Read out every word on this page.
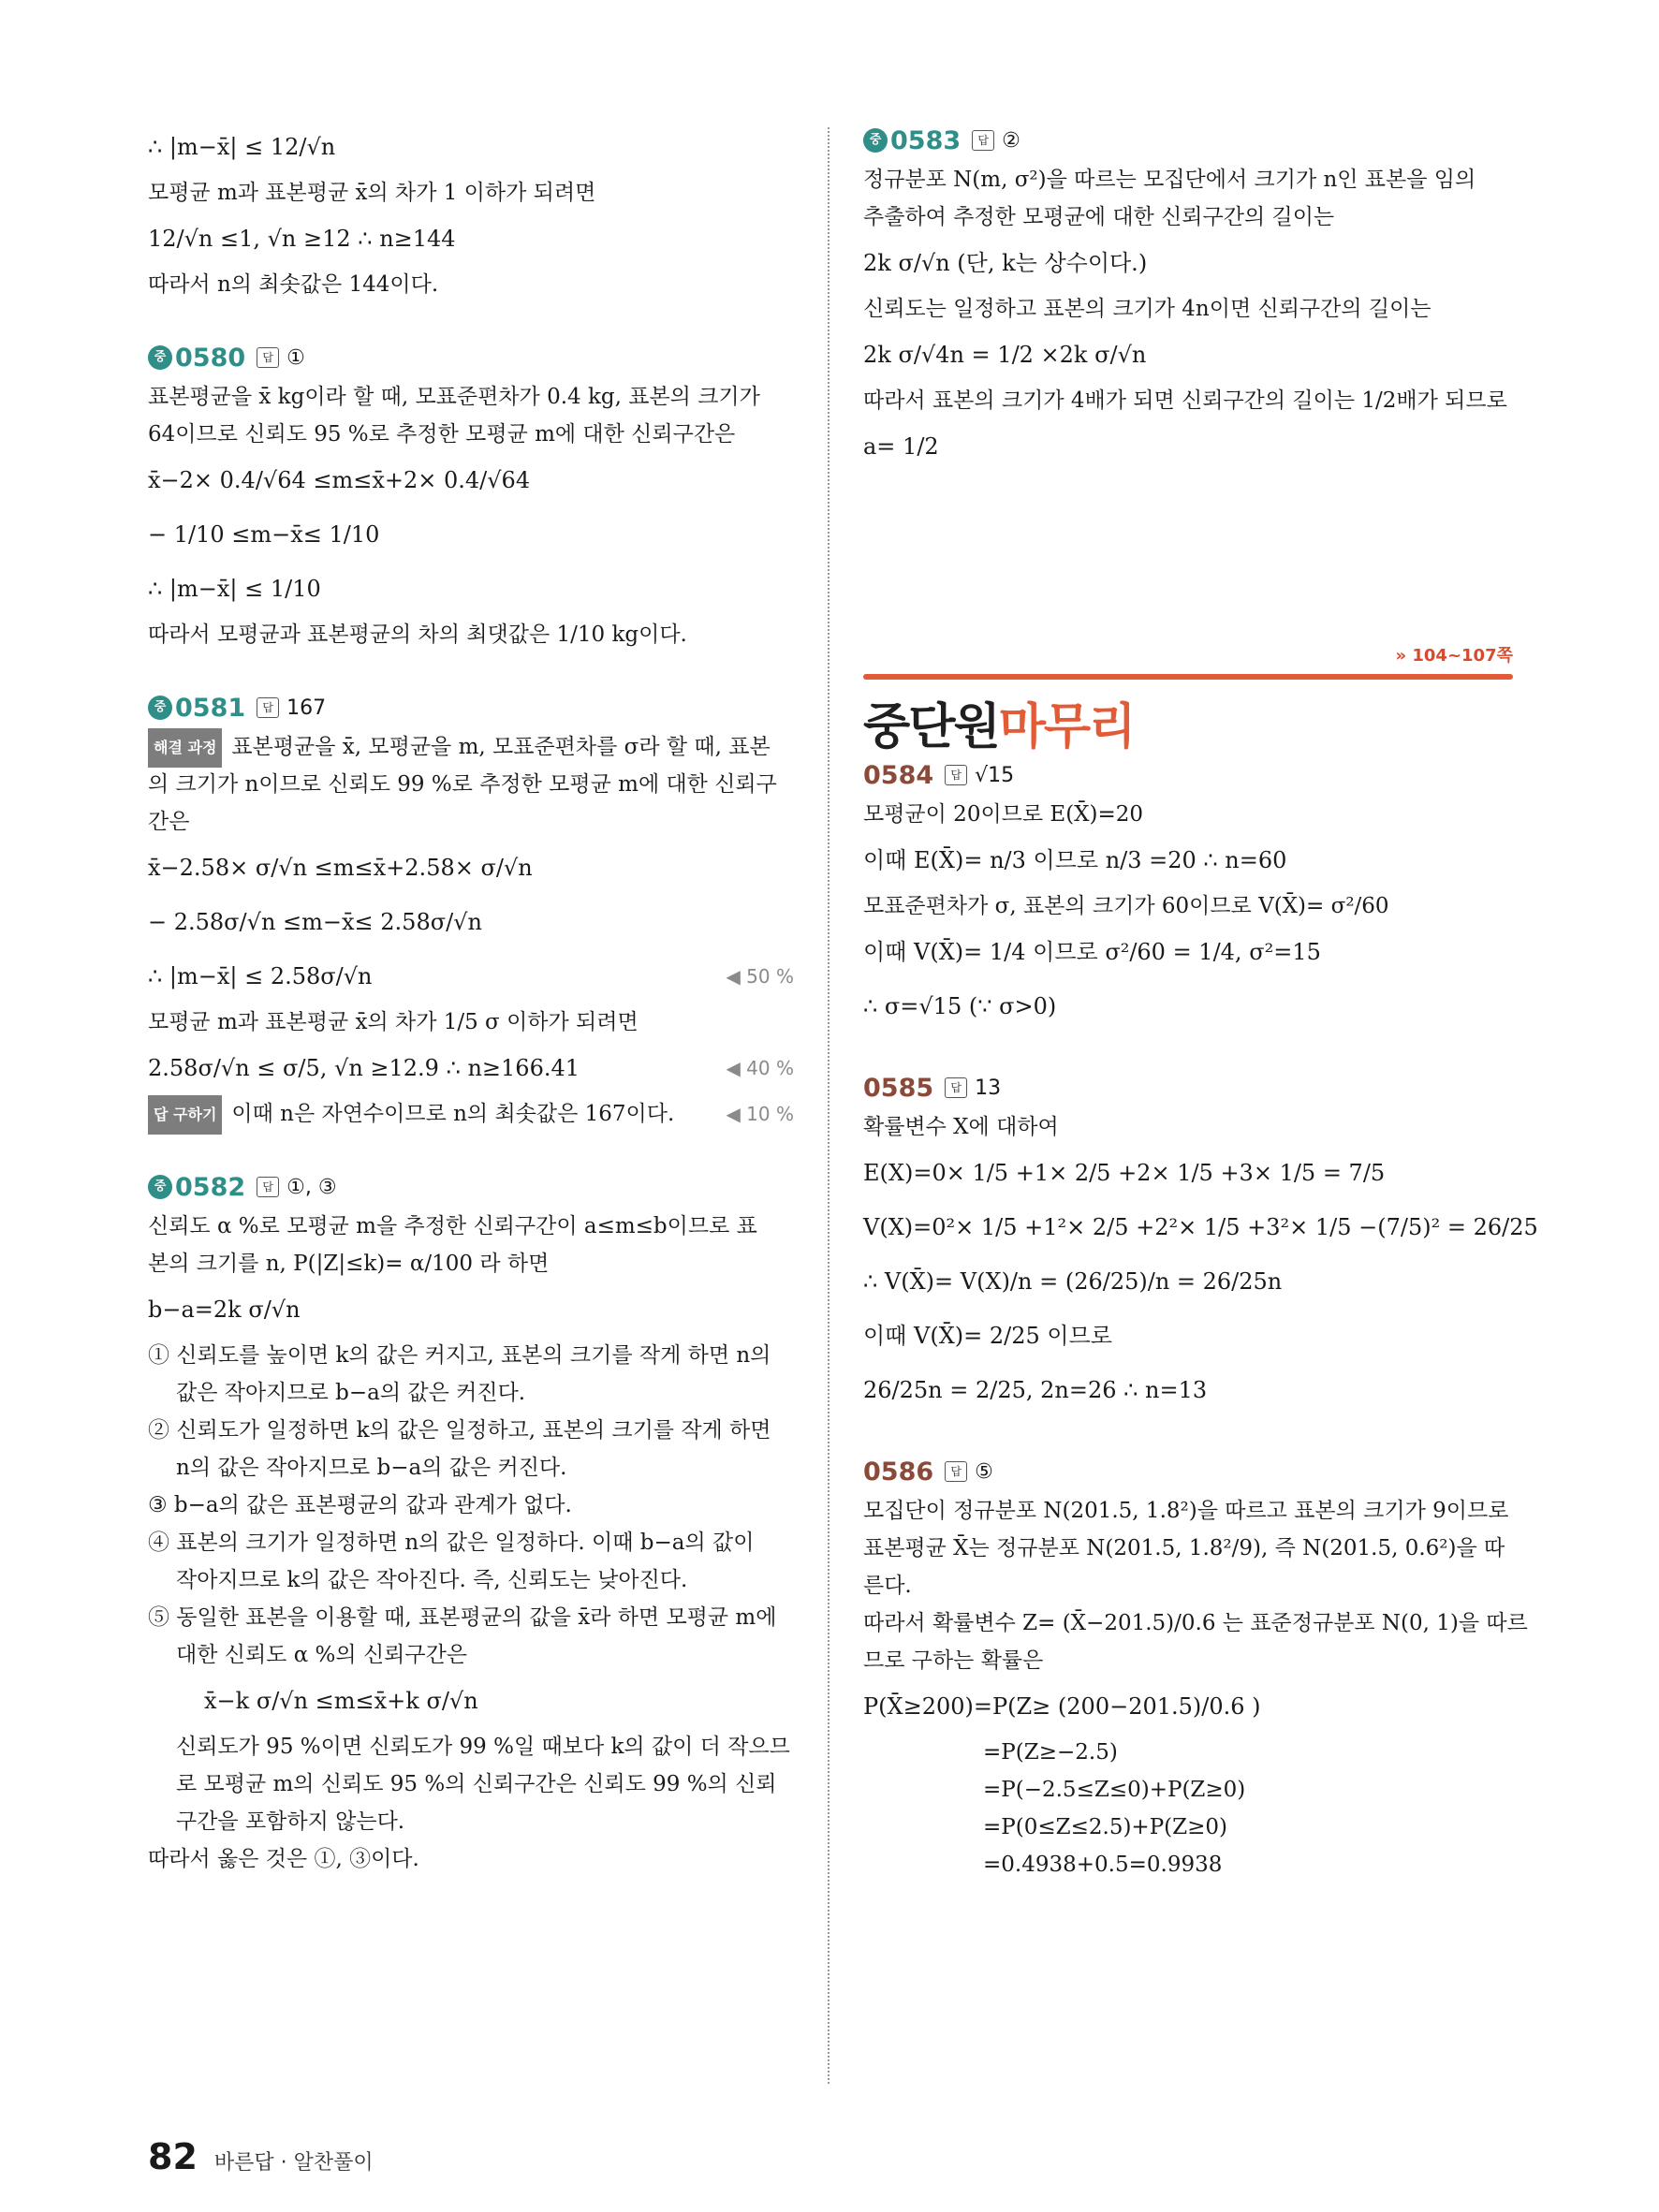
∴ |m−x̄| ≤ 12/√n
모평균 m과 표본평균 x̄의 차가 1 이하가 되려면
12/√n ≤1, √n ≥12 ∴ n≥144
따라서 n의 최솟값은 144이다.
중 0580	답 ①
표본평균을 x̄ kg이라 할 때, 모표준편차가 0.4 kg, 표본의 크기가
64이므로 신뢰도 95 %로 추정한 모평균 m에 대한 신뢰구간은
x̄−2× 0.4/√64 ≤m≤x̄+2× 0.4/√64
− 1/10 ≤m−x̄≤ 1/10
∴ |m−x̄| ≤ 1/10
따라서 모평균과 표본평균의 차의 최댓값은 1/10 kg이다.
중 0581	답 167
해결 과정 표본평균을 x̄, 모평균을 m, 모표준편차를 σ라 할 때, 표본
의 크기가 n이므로 신뢰도 99 %로 추정한 모평균 m에 대한 신뢰구
간은
x̄−2.58× σ/√n ≤m≤x̄+2.58× σ/√n
− 2.58σ/√n ≤m−x̄≤ 2.58σ/√n
∴ |m−x̄| ≤ 2.58σ/√n	◀ 50 %
모평균 m과 표본평균 x̄의 차가 1/5 σ 이하가 되려면
2.58σ/√n ≤ σ/5, √n ≥12.9 ∴ n≥166.41	◀ 40 %
답 구하기 이때 n은 자연수이므로 n의 최솟값은 167이다.	◀ 10 %
중 0582	답 ①, ③
신뢰도 α %로 모평균 m을 추정한 신뢰구간이 a≤m≤b이므로 표
본의 크기를 n, P(|Z|≤k)= α/100 라 하면
b−a=2k σ/√n
① 신뢰도를 높이면 k의 값은 커지고, 표본의 크기를 작게 하면 n의
값은 작아지므로 b−a의 값은 커진다.
② 신뢰도가 일정하면 k의 값은 일정하고, 표본의 크기를 작게 하면
n의 값은 작아지므로 b−a의 값은 커진다.
③ b−a의 값은 표본평균의 값과 관계가 없다.
④ 표본의 크기가 일정하면 n의 값은 일정하다. 이때 b−a의 값이
작아지므로 k의 값은 작아진다. 즉, 신뢰도는 낮아진다.
⑤ 동일한 표본을 이용할 때, 표본평균의 값을 x̄라 하면 모평균 m에
대한 신뢰도 α %의 신뢰구간은
x̄−k σ/√n ≤m≤x̄+k σ/√n
신뢰도가 95 %이면 신뢰도가 99 %일 때보다 k의 값이 더 작으므
로 모평균 m의 신뢰도 95 %의 신뢰구간은 신뢰도 99 %의 신뢰
구간을 포함하지 않는다.
따라서 옳은 것은 ①, ③이다.
중 0583	답 ②
정규분포 N(m, σ²)을 따르는 모집단에서 크기가 n인 표본을 임의
추출하여 추정한 모평균에 대한 신뢰구간의 길이는
2k σ/√n (단, k는 상수이다.)
신뢰도는 일정하고 표본의 크기가 4n이면 신뢰구간의 길이는
2k σ/√4n = 1/2 ×2k σ/√n
따라서 표본의 크기가 4배가 되면 신뢰구간의 길이는 1/2배가 되므로
a= 1/2
» 104~107쪽
중단원마무리
0584	답 √15
모평균이 20이므로 E(X̄)=20
이때 E(X̄)= n/3 이므로 n/3 =20 ∴ n=60
모표준편차가 σ, 표본의 크기가 60이므로 V(X̄)= σ²/60
이때 V(X̄)= 1/4 이므로 σ²/60 = 1/4, σ²=15
∴ σ=√15 (∵ σ>0)
0585	답 13
확률변수 X에 대하여
E(X)=0× 1/5 +1× 2/5 +2× 1/5 +3× 1/5 = 7/5
V(X)=0²× 1/5 +1²× 2/5 +2²× 1/5 +3²× 1/5 −(7/5)² = 26/25
∴ V(X̄)= V(X)/n = (26/25)/n = 26/25n
이때 V(X̄)= 2/25 이므로
26/25n = 2/25, 2n=26 ∴ n=13
0586	답 ⑤
모집단이 정규분포 N(201.5, 1.8²)을 따르고 표본의 크기가 9이므로
표본평균 X̄는 정규분포 N(201.5, 1.8²/9), 즉 N(201.5, 0.6²)을 따
른다.
따라서 확률변수 Z= (X̄−201.5)/0.6 는 표준정규분포 N(0, 1)을 따르
므로 구하는 확률은
P(X̄≥200)=P(Z≥ (200−201.5)/0.6 )
=P(Z≥−2.5)
=P(−2.5≤Z≤0)+P(Z≥0)
=P(0≤Z≤2.5)+P(Z≥0)
=0.4938+0.5=0.9938
82 바른답 · 알찬풀이
